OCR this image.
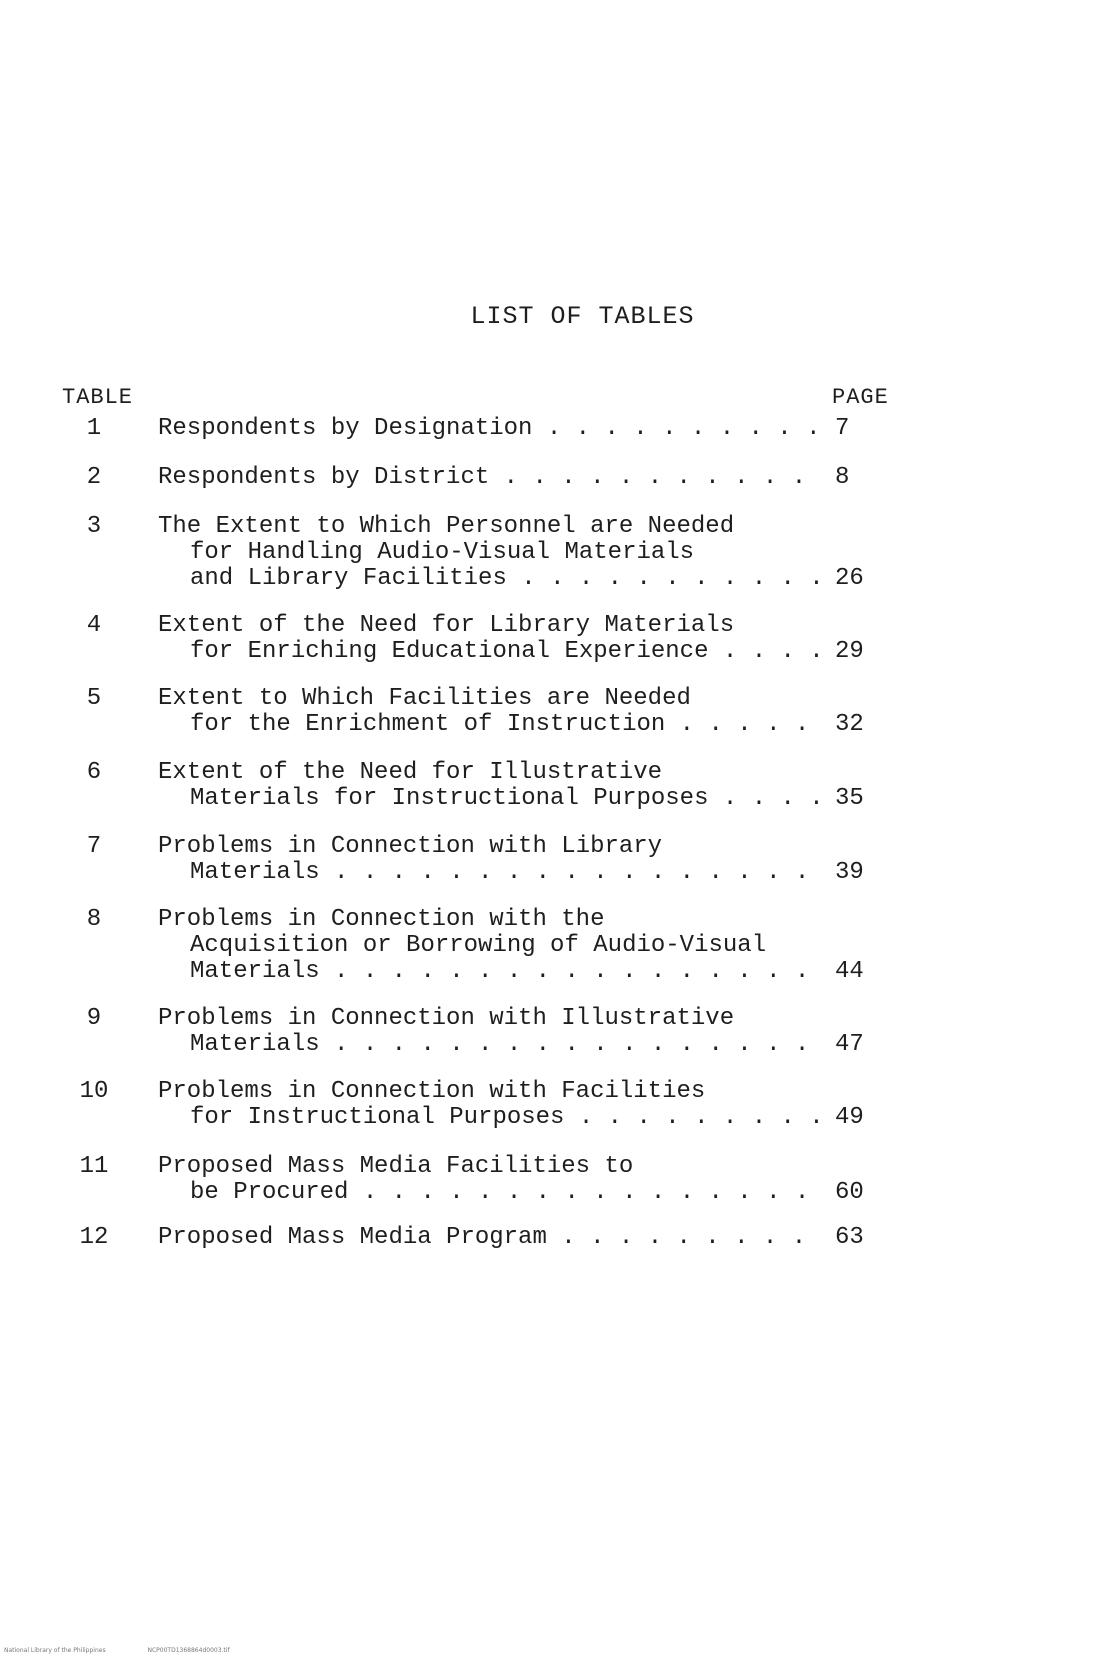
LIST OF TABLES
TABLE	PAGE
1	Respondents by Designation . . .	7
2	Respondents by District . . .	8
3	The Extent to Which Personnel are Needed
for Handling Audio-Visual Materials
and Library Facilities . . .	26
4	Extent of the Need for Library Materials
for Enriching Educational Experience . . .	29
5	Extent to Which Facilities are Needed
for the Enrichment of Instruction . . .	32
6	Extent of the Need for Illustrative
Materials for Instructional Purposes . . .	35
7	Problems in Connection with Library
Materials . . .	39
8	Problems in Connection with the
Acquisition or Borrowing of Audio-Visual
Materials . . .	44
9	Problems in Connection with Illustrative
Materials . . .	47
10	Problems in Connection with Facilities
for Instructional Purposes . . .	49
11	Proposed Mass Media Facilities to
be Procured . . .	60
12	Proposed Mass Media Program . . .	63
National Library of the Philippines	NCP00TD1368864d0003.tif
